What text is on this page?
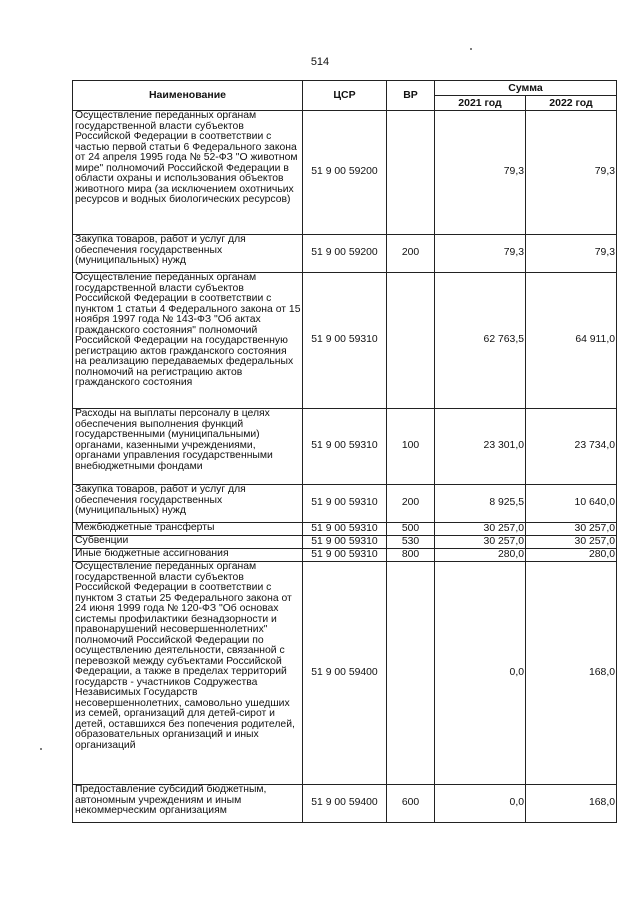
514
Наименование	ЦСР	ВР	Сумма	
			2021 год	2022 год
Осуществление переданных органам государственной власти субъектов Российской Федерации в соответствии с частью первой статьи 6 Федерального закона от 24 апреля 1995 года № 52-ФЗ "О животном мире" полномочий Российской Федерации в области охраны и использования объектов животного мира (за исключением охотничьих ресурсов и водных биологических ресурсов)	51 9 00 59200		79,3	79,3
Закупка товаров, работ и услуг для обеспечения государственных (муниципальных) нужд	51 9 00 59200	200	79,3	79,3
Осуществление переданных органам государственной власти субъектов Российской Федерации в соответствии с пунктом 1 статьи 4 Федерального закона от 15 ноября 1997 года № 143-ФЗ "Об актах гражданского состояния" полномочий Российской Федерации на государственную регистрацию актов гражданского состояния на реализацию передаваемых федеральных полномочий на регистрацию актов гражданского состояния	51 9 00 59310		62 763,5	64 911,0
Расходы на выплаты персоналу в целях обеспечения выполнения функций государственными (муниципальными) органами, казенными учреждениями, органами управления государственными внебюджетными фондами	51 9 00 59310	100	23 301,0	23 734,0
Закупка товаров, работ и услуг для обеспечения государственных (муниципальных) нужд	51 9 00 59310	200	8 925,5	10 640,0
Межбюджетные трансферты	51 9 00 59310	500	30 257,0	30 257,0
Субвенции	51 9 00 59310	530	30 257,0	30 257,0
Иные бюджетные ассигнования	51 9 00 59310	800	280,0	280,0
Осуществление переданных органам государственной власти субъектов Российской Федерации в соответствии с пунктом 3 статьи 25 Федерального закона от 24 июня 1999 года № 120-ФЗ "Об основах системы профилактики безнадзорности и правонарушений несовершеннолетних" полномочий Российской Федерации по осуществлению деятельности, связанной с перевозкой между субъектами Российской Федерации, а также в пределах территорий государств - участников Содружества Независимых Государств несовершеннолетних, самовольно ушедших из семей, организаций для детей-сирот и детей, оставшихся без попечения родителей, образовательных организаций и иных организаций	51 9 00 59400		0,0	168,0
Предоставление субсидий бюджетным, автономным учреждениям и иным некоммерческим организациям	51 9 00 59400	600	0,0	168,0
